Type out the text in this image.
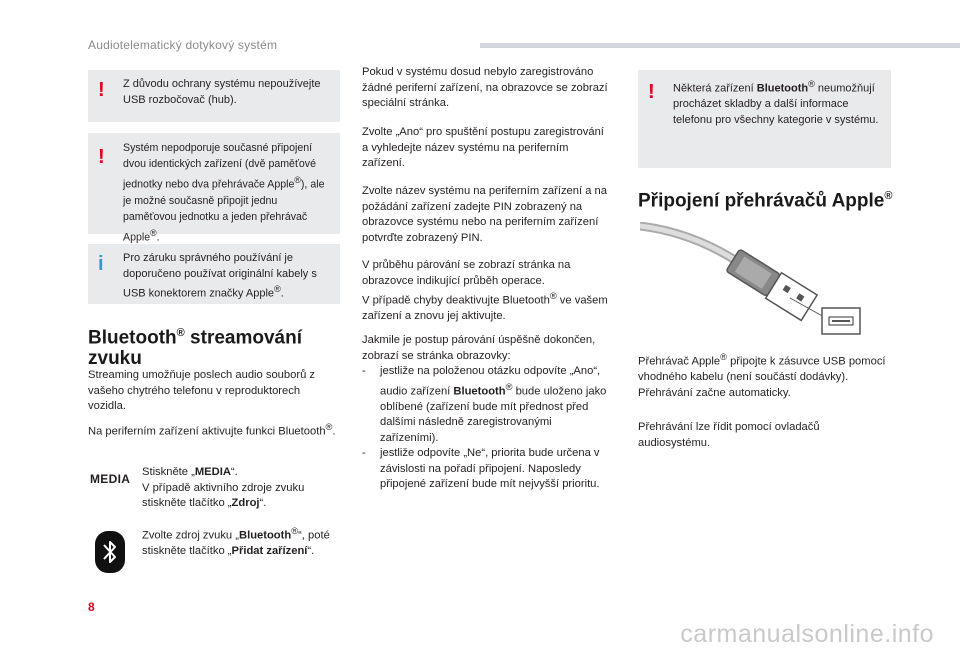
Audiotelematický dotykový systém
! Z důvodu ochrany systému nepoužívejte USB rozbočovač (hub).
! Systém nepodporuje současné připojení dvou identických zařízení (dvě paměťové jednotky nebo dva přehrávače Apple®), ale je možné současně připojit jednu paměťovou jednotku a jeden přehrávač Apple®.
i Pro záruku správného používání je doporučeno používat originální kabely s USB konektorem značky Apple®.
Bluetooth® streamování zvuku

Streaming umožňuje poslech audio souborů z vašeho chytrého telefonu v reproduktorech vozidla.

Na periferním zařízení aktivujte funkci Bluetooth®.

MEDIA Stiskněte „MEDIA“.
V případě aktivního zdroje zvuku stiskněte tlačítko „Zdroj“.

Zvolte zdroj zvuku „Bluetooth®“, poté stiskněte tlačítko „Přidat zařízení“.

Pokud v systému dosud nebylo zaregistrováno žádné periferní zařízení, na obrazovce se zobrazí speciální stránka.

Zvolte „Ano“ pro spuštění postupu zaregistrování a vyhledejte název systému na periferním zařízení.

Zvolte název systému na periferním zařízení a na požádání zařízení zadejte PIN zobrazený na obrazovce systému nebo na periferním zařízení potvrďte zobrazený PIN.

V průběhu párování se zobrazí stránka na obrazovce indikující průběh operace.
V případě chyby deaktivujte Bluetooth® ve vašem zařízení a znovu jej aktivujte.

Jakmile je postup párování úspěšně dokončen, zobrazí se stránka obrazovky:

- jestliže na položenou otázku odpovíte „Ano“, audio zařízení Bluetooth® bude uloženo jako oblíbené (zařízení bude mít přednost před dalšími následně zaregistrovanými zařízeními).
- jestliže odpovíte „Ne“, priorita bude určena v závislosti na pořadí připojení. Naposledy připojené zařízení bude mít nejvyšší prioritu.
! Některá zařízení Bluetooth® neumožňují procházet skladby a další informace telefonu pro všechny kategorie v systému.
Připojení přehrávačů Apple®

Přehrávač Apple® připojte k zásuvce USB pomocí vhodného kabelu (není součástí dodávky).
Přehrávání začne automaticky.

Přehrávání lze řídit pomocí ovladačů audiosystému.

8
carmanualsonline.info
